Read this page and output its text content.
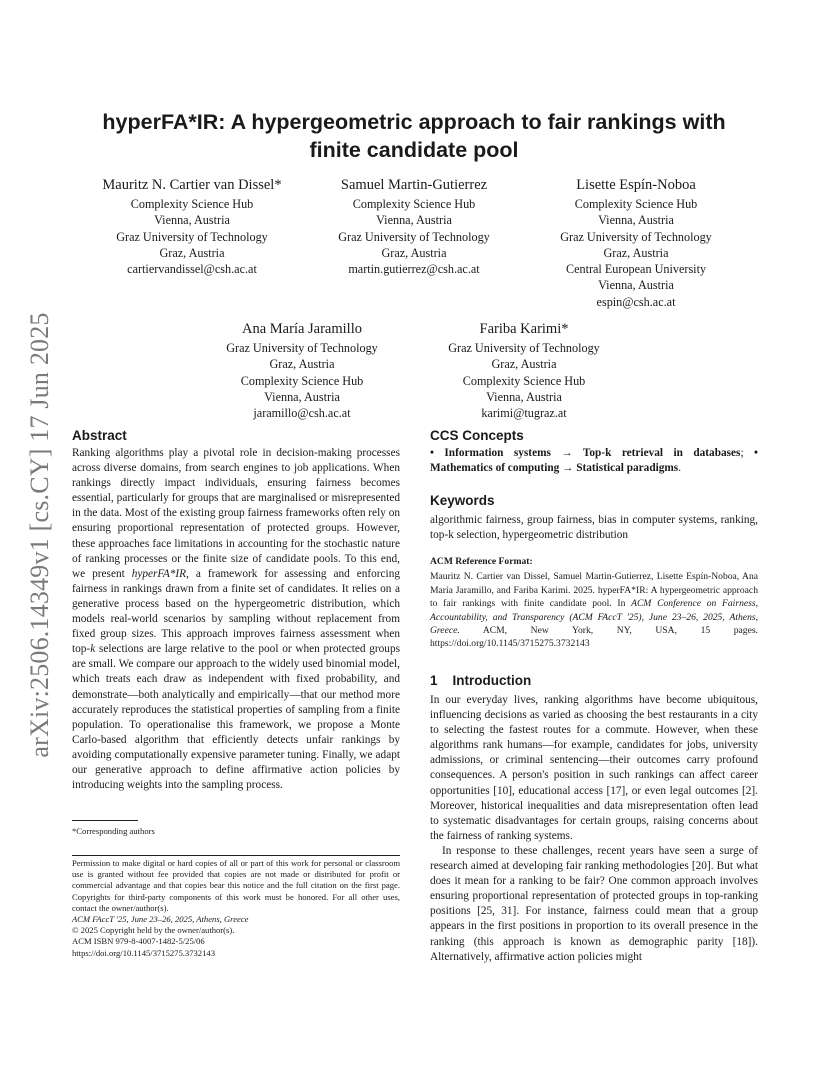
arXiv:2506.14349v1 [cs.CY] 17 Jun 2025
hyperFA*IR: A hypergeometric approach to fair rankings with
finite candidate pool
Mauritz N. Cartier van Dissel*
Complexity Science Hub
Vienna, Austria
Graz University of Technology
Graz, Austria
cartiervandissel@csh.ac.at
Samuel Martin-Gutierrez
Complexity Science Hub
Vienna, Austria
Graz University of Technology
Graz, Austria
martin.gutierrez@csh.ac.at
Lisette Espín-Noboa
Complexity Science Hub
Vienna, Austria
Graz University of Technology
Graz, Austria
Central European University
Vienna, Austria
espin@csh.ac.at
Ana María Jaramillo
Graz University of Technology
Graz, Austria
Complexity Science Hub
Vienna, Austria
jaramillo@csh.ac.at
Fariba Karimi*
Graz University of Technology
Graz, Austria
Complexity Science Hub
Vienna, Austria
karimi@tugraz.at
Abstract

Ranking algorithms play a pivotal role in decision-making processes across diverse domains, from search engines to job applications. When rankings directly impact individuals, ensuring fairness becomes essential, particularly for groups that are marginalised or misrepresented in the data. Most of the existing group fairness frameworks often rely on ensuring proportional representation of protected groups. However, these approaches face limitations in accounting for the stochastic nature of ranking processes or the finite size of candidate pools. To this end, we present hyperFA*IR, a framework for assessing and enforcing fairness in rankings drawn from a finite set of candidates. It relies on a generative process based on the hypergeometric distribution, which models real-world scenarios by sampling without replacement from fixed group sizes. This approach improves fairness assessment when top-k selections are large relative to the pool or when protected groups are small. We compare our approach to the widely used binomial model, which treats each draw as independent with fixed probability, and demonstrate—both analytically and empirically—that our method more accurately reproduces the statistical properties of sampling from a finite population. To operationalise this framework, we propose a Monte Carlo-based algorithm that efficiently detects unfair rankings by avoiding computationally expensive parameter tuning. Finally, we adapt our generative approach to define affirmative action policies by introducing weights into the sampling process.

*Corresponding authors

Permission to make digital or hard copies of all or part of this work for personal or classroom use is granted without fee provided that copies are not made or distributed for profit or commercial advantage and that copies bear this notice and the full citation on the first page. Copyrights for third-party components of this work must be honored. For all other uses, contact the owner/author(s).

ACM FAccT '25, June 23–26, 2025, Athens, Greece

© 2025 Copyright held by the owner/author(s).

ACM ISBN 979-8-4007-1482-5/25/06

https://doi.org/10.1145/3715275.3732143

CCS Concepts

• Information systems → Top-k retrieval in databases; • Mathematics of computing → Statistical paradigms.

Keywords
algorithmic fairness, group fairness, bias in computer systems, ranking, top-k selection, hypergeometric distribution

ACM Reference Format:

Mauritz N. Cartier van Dissel, Samuel Martin-Gutierrez, Lisette Espín-Noboa, Ana María Jaramillo, and Fariba Karimi. 2025. hyperFA*IR: A hypergeometric approach to fair rankings with finite candidate pool. In ACM Conference on Fairness, Accountability, and Transparency (ACM FAccT '25), June 23–26, 2025, Athens, Greece. ACM, New York, NY, USA, 15 pages. https://doi.org/10.1145/3715275.3732143

1    Introduction

In our everyday lives, ranking algorithms have become ubiquitous, influencing decisions as varied as choosing the best restaurants in a city to selecting the fastest routes for a commute. However, when these algorithms rank humans—for example, candidates for jobs, university admissions, or criminal sentencing—their outcomes carry profound consequences. A person's position in such rankings can affect career opportunities [10], educational access [17], or even legal outcomes [2]. Moreover, historical inequalities and data misrepresentation often lead to systematic disadvantages for certain groups, raising concerns about the fairness of ranking systems.

In response to these challenges, recent years have seen a surge of research aimed at developing fair ranking methodologies [20]. But what does it mean for a ranking to be fair? One common approach involves ensuring proportional representation of protected groups in top-ranking positions [25, 31]. For instance, fairness could mean that a group appears in the first positions in proportion to its overall presence in the ranking (this approach is known as demographic parity [18]). Alternatively, affirmative action policies might
